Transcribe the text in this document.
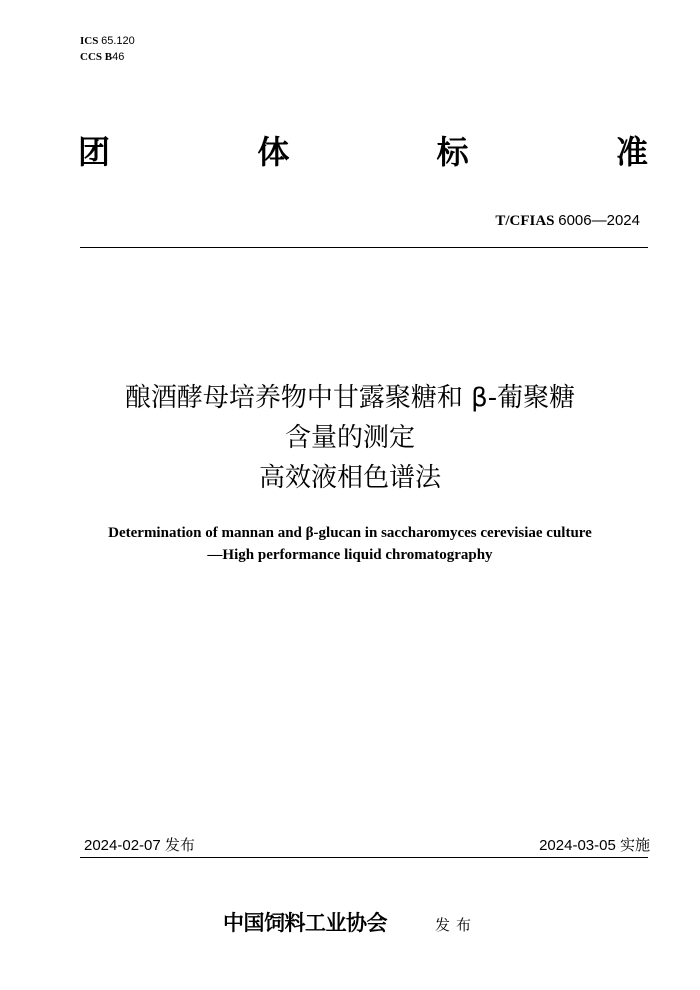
ICS 65.120
CCS B46
团	体	标	准
T/CFIAS 6006—2024
酿酒酵母培养物中甘露聚糖和 β-葡聚糖
含量的测定
高效液相色谱法
Determination of mannan and β-glucan in saccharomyces cerevisiae culture
—High performance liquid chromatography
2024-02-07 发布	2024-03-05 实施
中国饲料工业协会	发布
